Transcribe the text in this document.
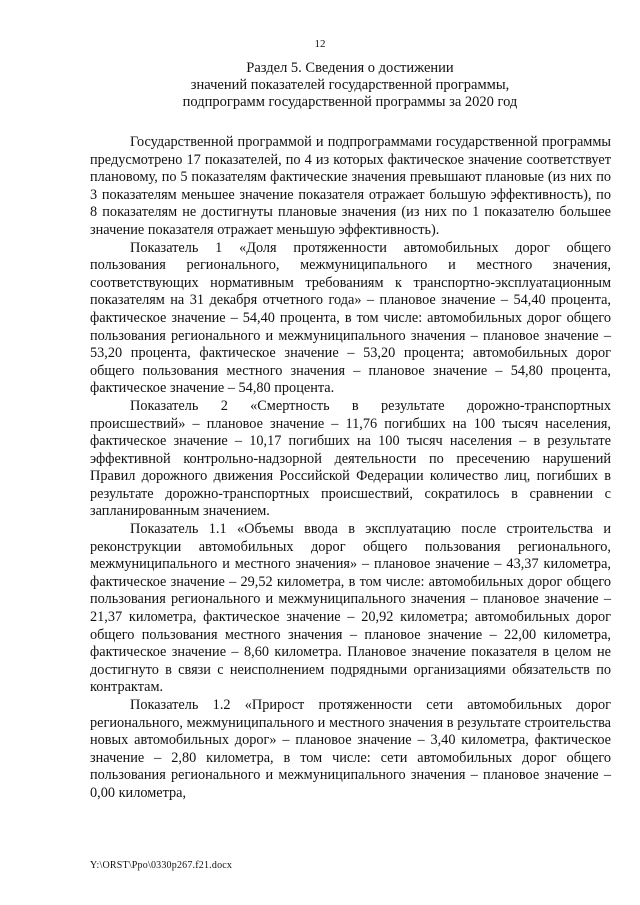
12
Раздел 5. Сведения о достижении
значений показателей государственной программы,
подпрограмм государственной программы за 2020 год

Государственной программой и подпрограммами государственной программы предусмотрено 17 показателей, по 4 из которых фактическое значение соответствует плановому, по 5 показателям фактические значения превышают плановые (из них по 3 показателям меньшее значение показателя отражает большую эффективность), по 8 показателям не достигнуты плановые значения (из них по 1 показателю большее значение показателя отражает меньшую эффективность).

Показатель 1 «Доля протяженности автомобильных дорог общего пользования регионального, межмуниципального и местного значения, соответствующих нормативным требованиям к транспортно-эксплуатационным показателям на 31 декабря отчетного года» – плановое значение – 54,40 процента, фактическое значение – 54,40 процента, в том числе: автомобильных дорог общего пользования регионального и межмуниципального значения – плановое значение – 53,20 процента, фактическое значение – 53,20 процента; автомобильных дорог общего пользования местного значения – плановое значение – 54,80 процента, фактическое значение – 54,80 процента.

Показатель 2 «Смертность в результате дорожно-транспортных происшествий» – плановое значение – 11,76 погибших на 100 тысяч населения, фактическое значение – 10,17 погибших на 100 тысяч населения – в результате эффективной контрольно-надзорной деятельности по пресечению нарушений Правил дорожного движения Российской Федерации количество лиц, погибших в результате дорожно-транспортных происшествий, сократилось в сравнении с запланированным значением.

Показатель 1.1 «Объемы ввода в эксплуатацию после строительства и реконструкции автомобильных дорог общего пользования регионального, межмуниципального и местного значения» – плановое значение – 43,37 километра, фактическое значение – 29,52 километра, в том числе: автомобильных дорог общего пользования регионального и межмуниципального значения – плановое значение – 21,37 километра, фактическое значение – 20,92 километра; автомобильных дорог общего пользования местного значения – плановое значение – 22,00 километра, фактическое значение – 8,60 километра. Плановое значение показателя в целом не достигнуто в связи с неисполнением подрядными организациями обязательств по контрактам.

Показатель 1.2 «Прирост протяженности сети автомобильных дорог регионального, межмуниципального и местного значения в результате строительства новых автомобильных дорог» – плановое значение – 3,40 километра, фактическое значение – 2,80 километра, в том числе: сети автомобильных дорог общего пользования регионального и межмуниципального значения – плановое значение – 0,00 километра,

Y:\ORST\Ppo\0330p267.f21.docx
